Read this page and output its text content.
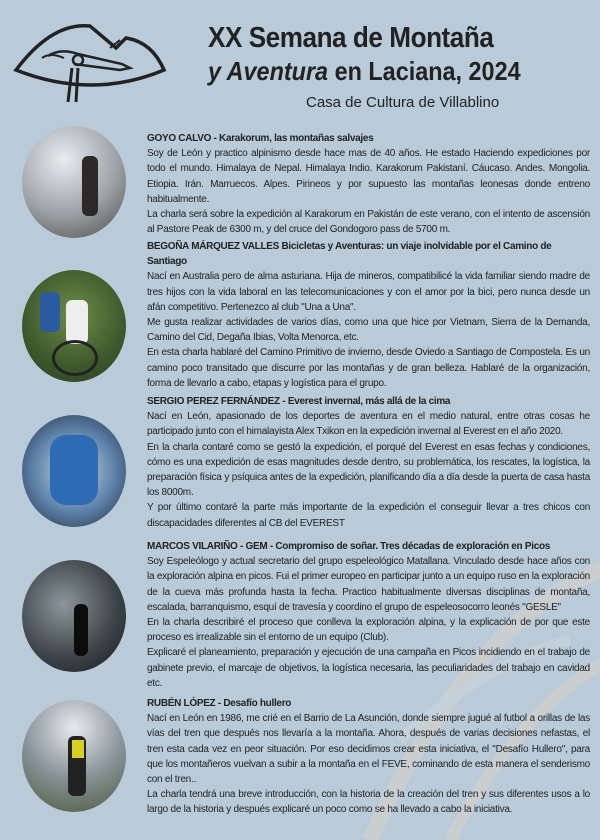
XX Semana de Montaña
y Aventura en Laciana, 2024
Casa de Cultura de Villablino
GOYO CALVO - Karakorum, las montañas salvajes

Soy de León y practico alpinismo desde hace mas de 40 años. He estado Haciendo expediciones por todo el mundo. Himalaya de Nepal. Himalaya Indio. Karakorum Pakistaní. Cáucaso. Andes. Mongolia. Etiopia. Irán. Marruecos. Alpes. Pirineos y por supuesto las montañas leonesas donde entreno habitualmente.

La charla será sobre la expedición al Karakorum en Pakistán de este verano, con el intento de ascensión al Pastore Peak de 6300 m, y del cruce del Gondogoro pass de 5700 m.

BEGOÑA MÁRQUEZ VALLES Bicicletas y Aventuras: un viaje inolvidable por el Camino de Santiago

Nací en Australia pero de alma asturiana. Hija de mineros, compatibilicé la vida familiar siendo madre de tres hijos con la vida laboral en las telecomunicaciones y con el amor por la bici, pero nunca desde un afán competitivo. Pertenezco al club "Una a Una".

Me gusta realizar actividades de varios días, como una que hice por Vietnam, Sierra de la Demanda, Camino del Cid, Degaña Ibias, Volta Menorca, etc.

En esta charla hablaré del Camino Primitivo de invierno, desde Oviedo a Santiago de Compostela. Es un camino poco transitado que discurre por las montañas y de gran belleza. Hablaré de la organización, forma de llevarlo a cabo, etapas y logística para el grupo.

SERGIO PEREZ FERNÁNDEZ - Everest invernal, más allá de la cima

Nací en León, apasionado de los deportes de aventura en el medio natural, entre otras cosas he participado junto con el himalayista Alex Txikon en la expedición invernal al Everest en el año 2020.

En la charla contaré como se gestó la expedición, el porqué del Everest en esas fechas y condiciones, cómo es una expedición de esas magnitudes desde dentro, su problemática, los rescates, la logística, la preparación física y psíquica antes de la expedición, planificando día a día desde la puerta de casa hasta los 8000m.

Y por último contaré la parte más importante de la expedición el conseguir llevar a tres chicos con discapacidades diferentes al CB del EVEREST

MARCOS VILARIÑO - GEM - Compromiso de soñar. Tres décadas de exploración en Picos

Soy Espeleólogo y actual secretario del grupo espeleológico Matallana. Vinculado desde hace años con la exploración alpina en picos. Fui el primer europeo en participar junto a un equipo ruso en la exploración de la cueva más profunda hasta la fecha. Practico habitualmente diversas disciplinas de montaña, escalada, barranquismo, esquí de travesía y coordino el grupo de espeleosocorro leonés "GESLE"

En la charla describiré el proceso que conlleva la exploración alpina, y la explicación de por que este proceso es irrealizable sin el entorno de un equipo (Club).

Explicaré el planeamiento, preparación y ejecución de una campaña en Picos incidiendo en el trabajo de gabinete previo, el marcaje de objetivos, la logística necesaria, las peculiaridades del trabajo en cavidad etc.

RUBÉN LÓPEZ - Desafío hullero

Nací en León en 1986, me crié en el Barrio de La Asunción, donde siempre jugué al futbol a orillas de las vías del tren que después nos llevaría a la montaña. Ahora, después de varias decisiones nefastas, el tren esta cada vez en peor situación. Por eso decidimos crear esta iniciativa, el "Desafío Hullero", para que los montañeros vuelvan a subir a la montaña en el FEVE, cominando de esta manera el senderismo con el tren..

La charla tendrá una breve introducción, con la historia de la creación del tren y sus diferentes usos a lo largo de la historia y después explicaré un poco como se ha llevado a cabo la iniciativa.
